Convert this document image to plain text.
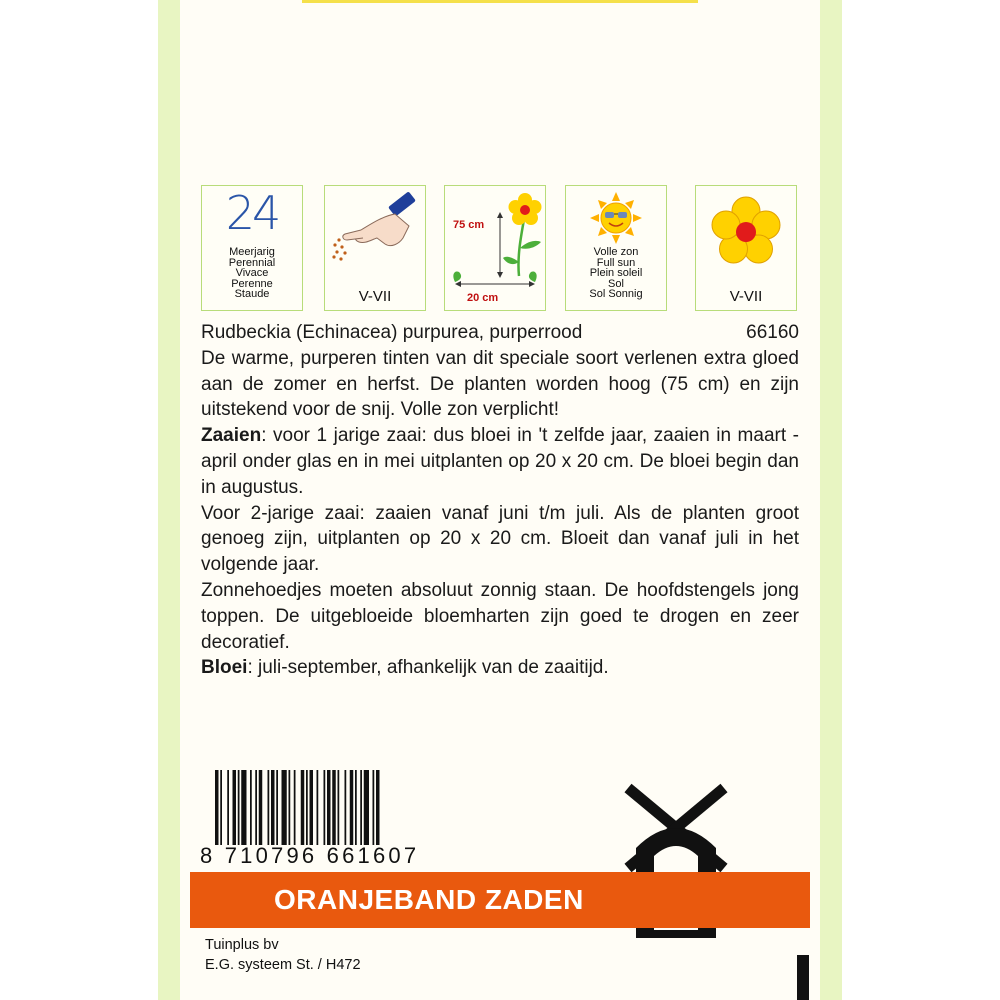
24
Meerjarig
Perennial
Vivace
Perenne
Staude	V-VII
75 cm
20 cm
Volle zon
Full sun
Plein soleil
Sol
Sol Sonnig	V-VII
Rudbeckia (Echinacea) purpurea, purperrood	66160
De warme, purperen tinten van dit speciale soort verlenen extra gloed aan de zomer en herfst. De planten worden hoog (75 cm) en zijn uitstekend voor de snij. Volle zon verplicht!
Zaaien: voor 1 jarige zaai: dus bloei in 't zelfde jaar, zaaien in maart -april onder glas en in mei uitplanten op 20 x 20 cm. De bloei begin dan in augustus.
Voor 2-jarige zaai: zaaien vanaf juni t/m juli. Als de planten groot genoeg zijn, uitplanten op 20 x 20 cm. Bloeit dan vanaf juli in het volgende jaar.
Zonnehoedjes moeten absoluut zonnig staan. De hoofdstengels jong toppen. De uitgebloeide bloemharten zijn goed te drogen en zeer decoratief.
Bloei: juli-september, afhankelijk van de zaaitijd.
8 710796 661607
ORANJEBAND ZADEN
Tuinplus bv
E.G. systeem St. / H472
